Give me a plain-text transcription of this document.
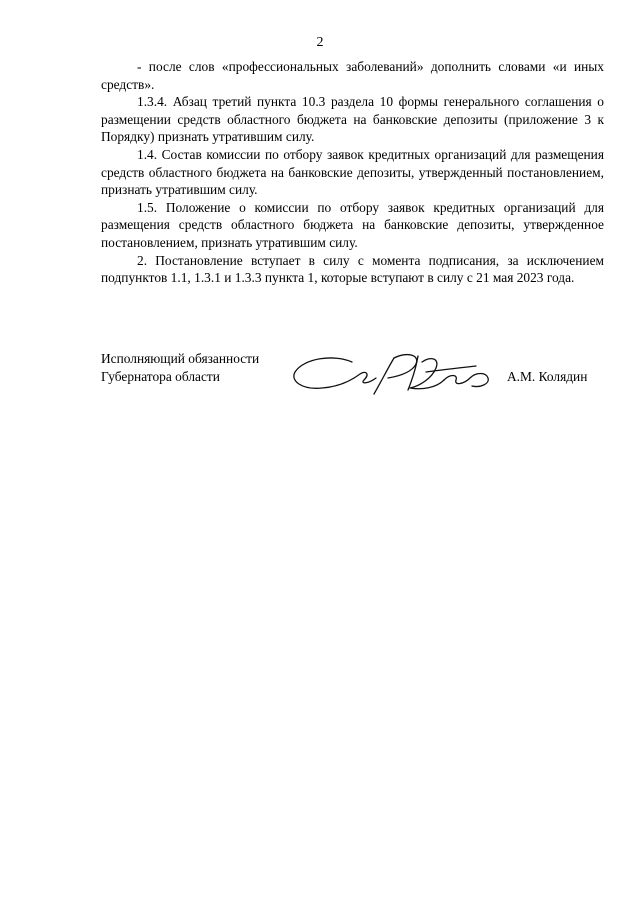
2

- после слов «профессиональных заболеваний» дополнить словами «и иных средств».

1.3.4. Абзац третий пункта 10.3 раздела 10 формы генерального соглашения о размещении средств областного бюджета на банковские депозиты (приложение 3 к Порядку) признать утратившим силу.

1.4. Состав комиссии по отбору заявок кредитных организаций для размещения средств областного бюджета на банковские депозиты, утвержденный постановлением, признать утратившим силу.

1.5. Положение о комиссии по отбору заявок кредитных организаций для размещения средств областного бюджета на банковские депозиты, утвержденное постановлением, признать утратившим силу.

2. Постановление вступает в силу с момента подписания, за исключением подпунктов 1.1, 1.3.1 и 1.3.3 пункта 1, которые вступают в силу с 21 мая 2023 года.

Исполняющий обязанности
Губернатора области	А.М. Колядин
